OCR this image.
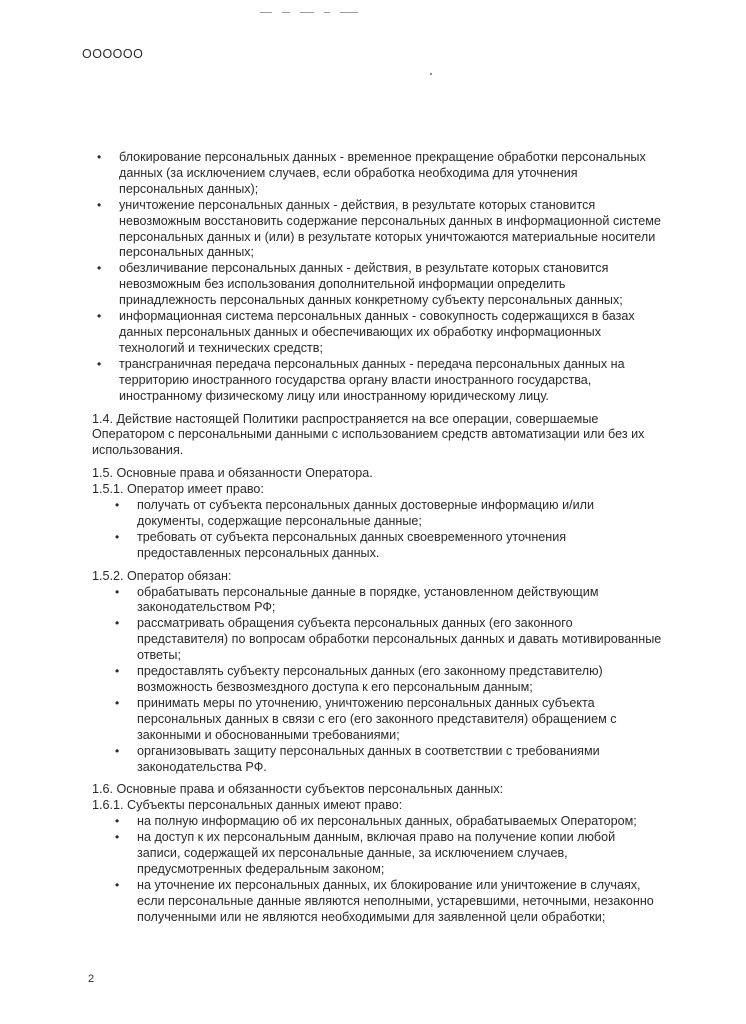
OOOOOO
• блокирование персональных данных - временное прекращение обработки персональных данных (за исключением случаев, если обработка необходима для уточнения персональных данных);
• уничтожение персональных данных - действия, в результате которых становится невозможным восстановить содержание персональных данных в информационной системе персональных данных и (или) в результате которых уничтожаются материальные носители персональных данных;
• обезличивание персональных данных - действия, в результате которых становится невозможным без использования дополнительной информации определить принадлежность персональных данных конкретному субъекту персональных данных;
• информационная система персональных данных - совокупность содержащихся в базах данных персональных данных и обеспечивающих их обработку информационных технологий и технических средств;
• трансграничная передача персональных данных - передача персональных данных на территорию иностранного государства органу власти иностранного государства, иностранному физическому лицу или иностранному юридическому лицу.

1.4. Действие настоящей Политики распространяется на все операции, совершаемые Оператором с персональными данными с использованием средств автоматизации или без их использования.

1.5. Основные права и обязанности Оператора.

1.5.1. Оператор имеет право:

• получать от субъекта персональных данных достоверные информацию и/или документы, содержащие персональные данные;
• требовать от субъекта персональных данных своевременного уточнения предоставленных персональных данных.

1.5.2. Оператор обязан:

• обрабатывать персональные данные в порядке, установленном действующим законодательством РФ;
• рассматривать обращения субъекта персональных данных (его законного представителя) по вопросам обработки персональных данных и давать мотивированные ответы;
• предоставлять субъекту персональных данных (его законному представителю) возможность безвозмездного доступа к его персональным данным;
• принимать меры по уточнению, уничтожению персональных данных субъекта персональных данных в связи с его (его законного представителя) обращением с законными и обоснованными требованиями;
• организовывать защиту персональных данных в соответствии с требованиями законодательства РФ.

1.6. Основные права и обязанности субъектов персональных данных:

1.6.1. Субъекты персональных данных имеют право:

• на полную информацию об их персональных данных, обрабатываемых Оператором;
• на доступ к их персональным данным, включая право на получение копии любой записи, содержащей их персональные данные, за исключением случаев, предусмотренных федеральным законом;
• на уточнение их персональных данных, их блокирование или уничтожение в случаях, если персональные данные являются неполными, устаревшими, неточными, незаконно полученными или не являются необходимыми для заявленной цели обработки;
2
